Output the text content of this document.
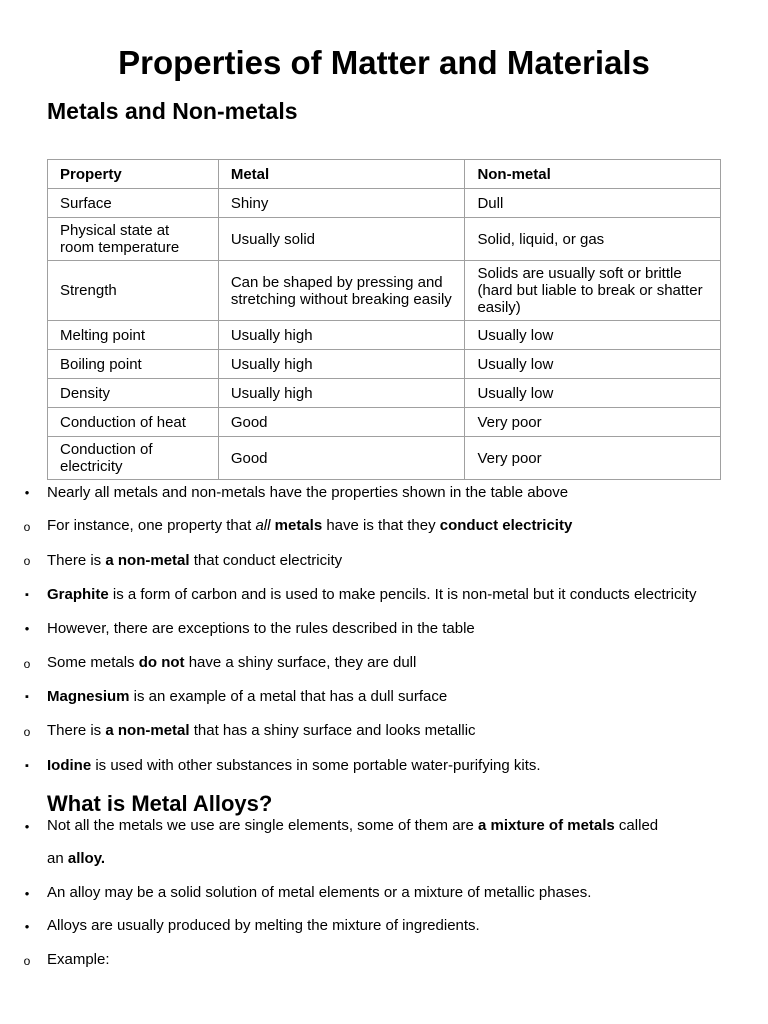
Properties of Matter and Materials
Metals and Non-metals
Property	Metal	Non-metal
Surface	Shiny	Dull
Physical state at room temperature	Usually solid	Solid, liquid, or gas
Strength	Can be shaped by pressing and stretching without breaking easily	Solids are usually soft or brittle (hard but liable to break or shatter easily)
Melting point	Usually high	Usually low
Boiling point	Usually high	Usually low
Density	Usually high	Usually low
Conduction of heat	Good	Very poor
Conduction of electricity	Good	Very poor
•	Nearly all metals and non-metals have the properties shown in the table above
o For instance, one property that all metals have is that they conduct electricity
o There is a non-metal that conduct electricity
▪	Graphite is a form of carbon and is used to make pencils. It is non-metal but it conducts electricity
•	However, there are exceptions to the rules described in the table
o Some metals do not have a shiny surface, they are dull
▪	Magnesium is an example of a metal that has a dull surface
o There is a non-metal that has a shiny surface and looks metallic
▪	Iodine is used with other substances in some portable water-purifying kits.
What is Metal Alloys?
•	Not all the metals we use are single elements, some of them are a mixture of metals called
an alloy.
•	An alloy may be a solid solution of metal elements or a mixture of metallic phases.
•	Alloys are usually produced by melting the mixture of ingredients.
o Example:
